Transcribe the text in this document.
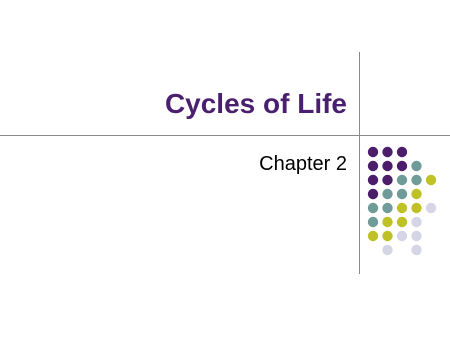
Cycles of Life
Chapter 2
